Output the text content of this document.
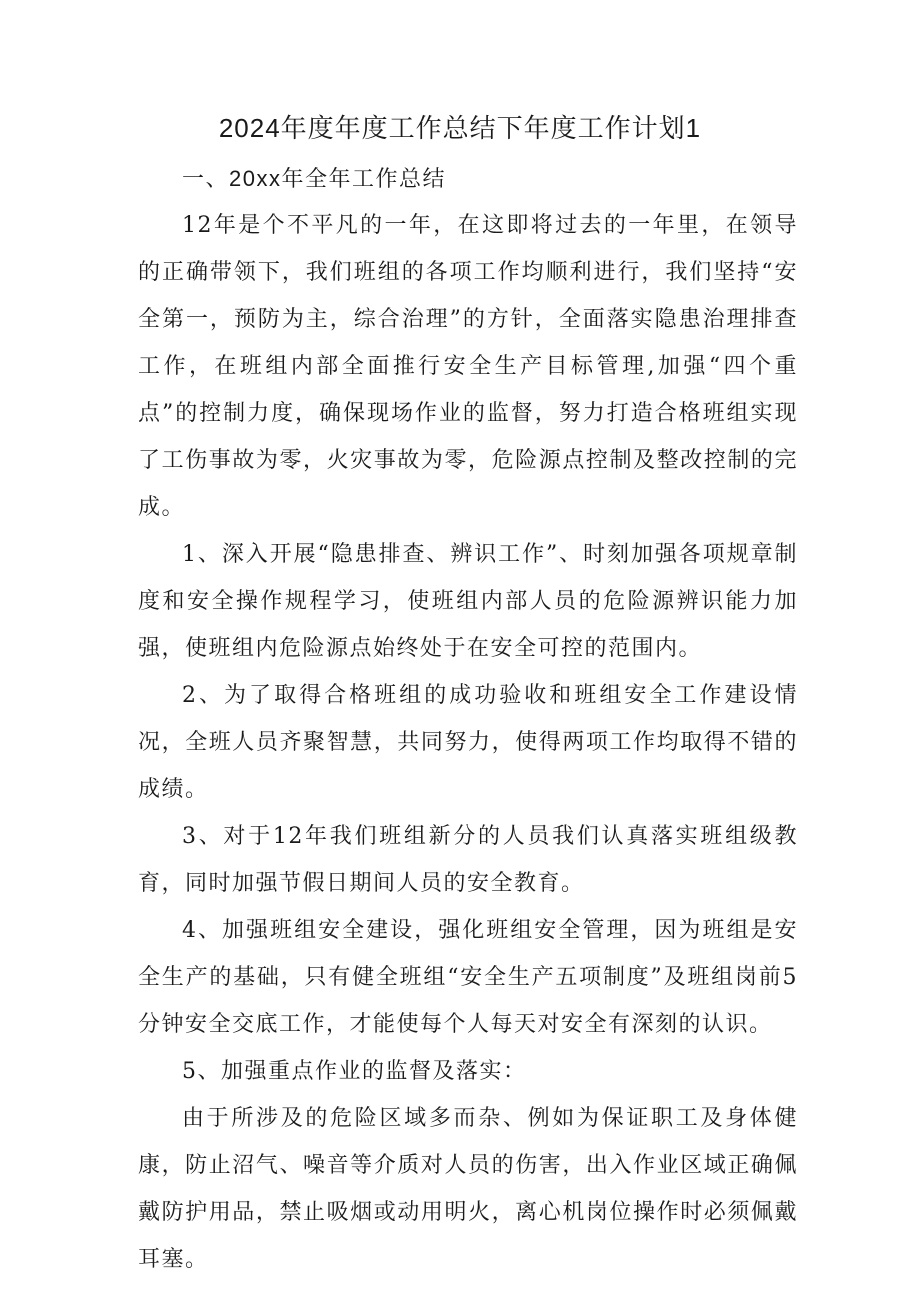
2024年度年度工作总结下年度工作计划1

一、20xx年全年工作总结

12年是个不平凡的一年，在这即将过去的一年里，在领导的正确带领下，我们班组的各项工作均顺利进行，我们坚持“安全第一，预防为主，综合治理”的方针，全面落实隐患治理排查工作，在班组内部全面推行安全生产目标管理,加强“四个重点”的控制力度，确保现场作业的监督，努力打造合格班组实现了工伤事故为零，火灾事故为零，危险源点控制及整改控制的完成。

1、深入开展“隐患排查、辨识工作”、时刻加强各项规章制度和安全操作规程学习，使班组内部人员的危险源辨识能力加强，使班组内危险源点始终处于在安全可控的范围内。

2、为了取得合格班组的成功验收和班组安全工作建设情况，全班人员齐聚智慧，共同努力，使得两项工作均取得不错的成绩。

3、对于12年我们班组新分的人员我们认真落实班组级教育，同时加强节假日期间人员的安全教育。

4、加强班组安全建设，强化班组安全管理，因为班组是安全生产的基础，只有健全班组“安全生产五项制度”及班组岗前5分钟安全交底工作，才能使每个人每天对安全有深刻的认识。

5、加强重点作业的监督及落实：

由于所涉及的危险区域多而杂、例如为保证职工及身体健康，防止沼气、噪音等介质对人员的伤害，出入作业区域正确佩戴防护用品，禁止吸烟或动用明火，离心机岗位操作时必须佩戴耳塞。
